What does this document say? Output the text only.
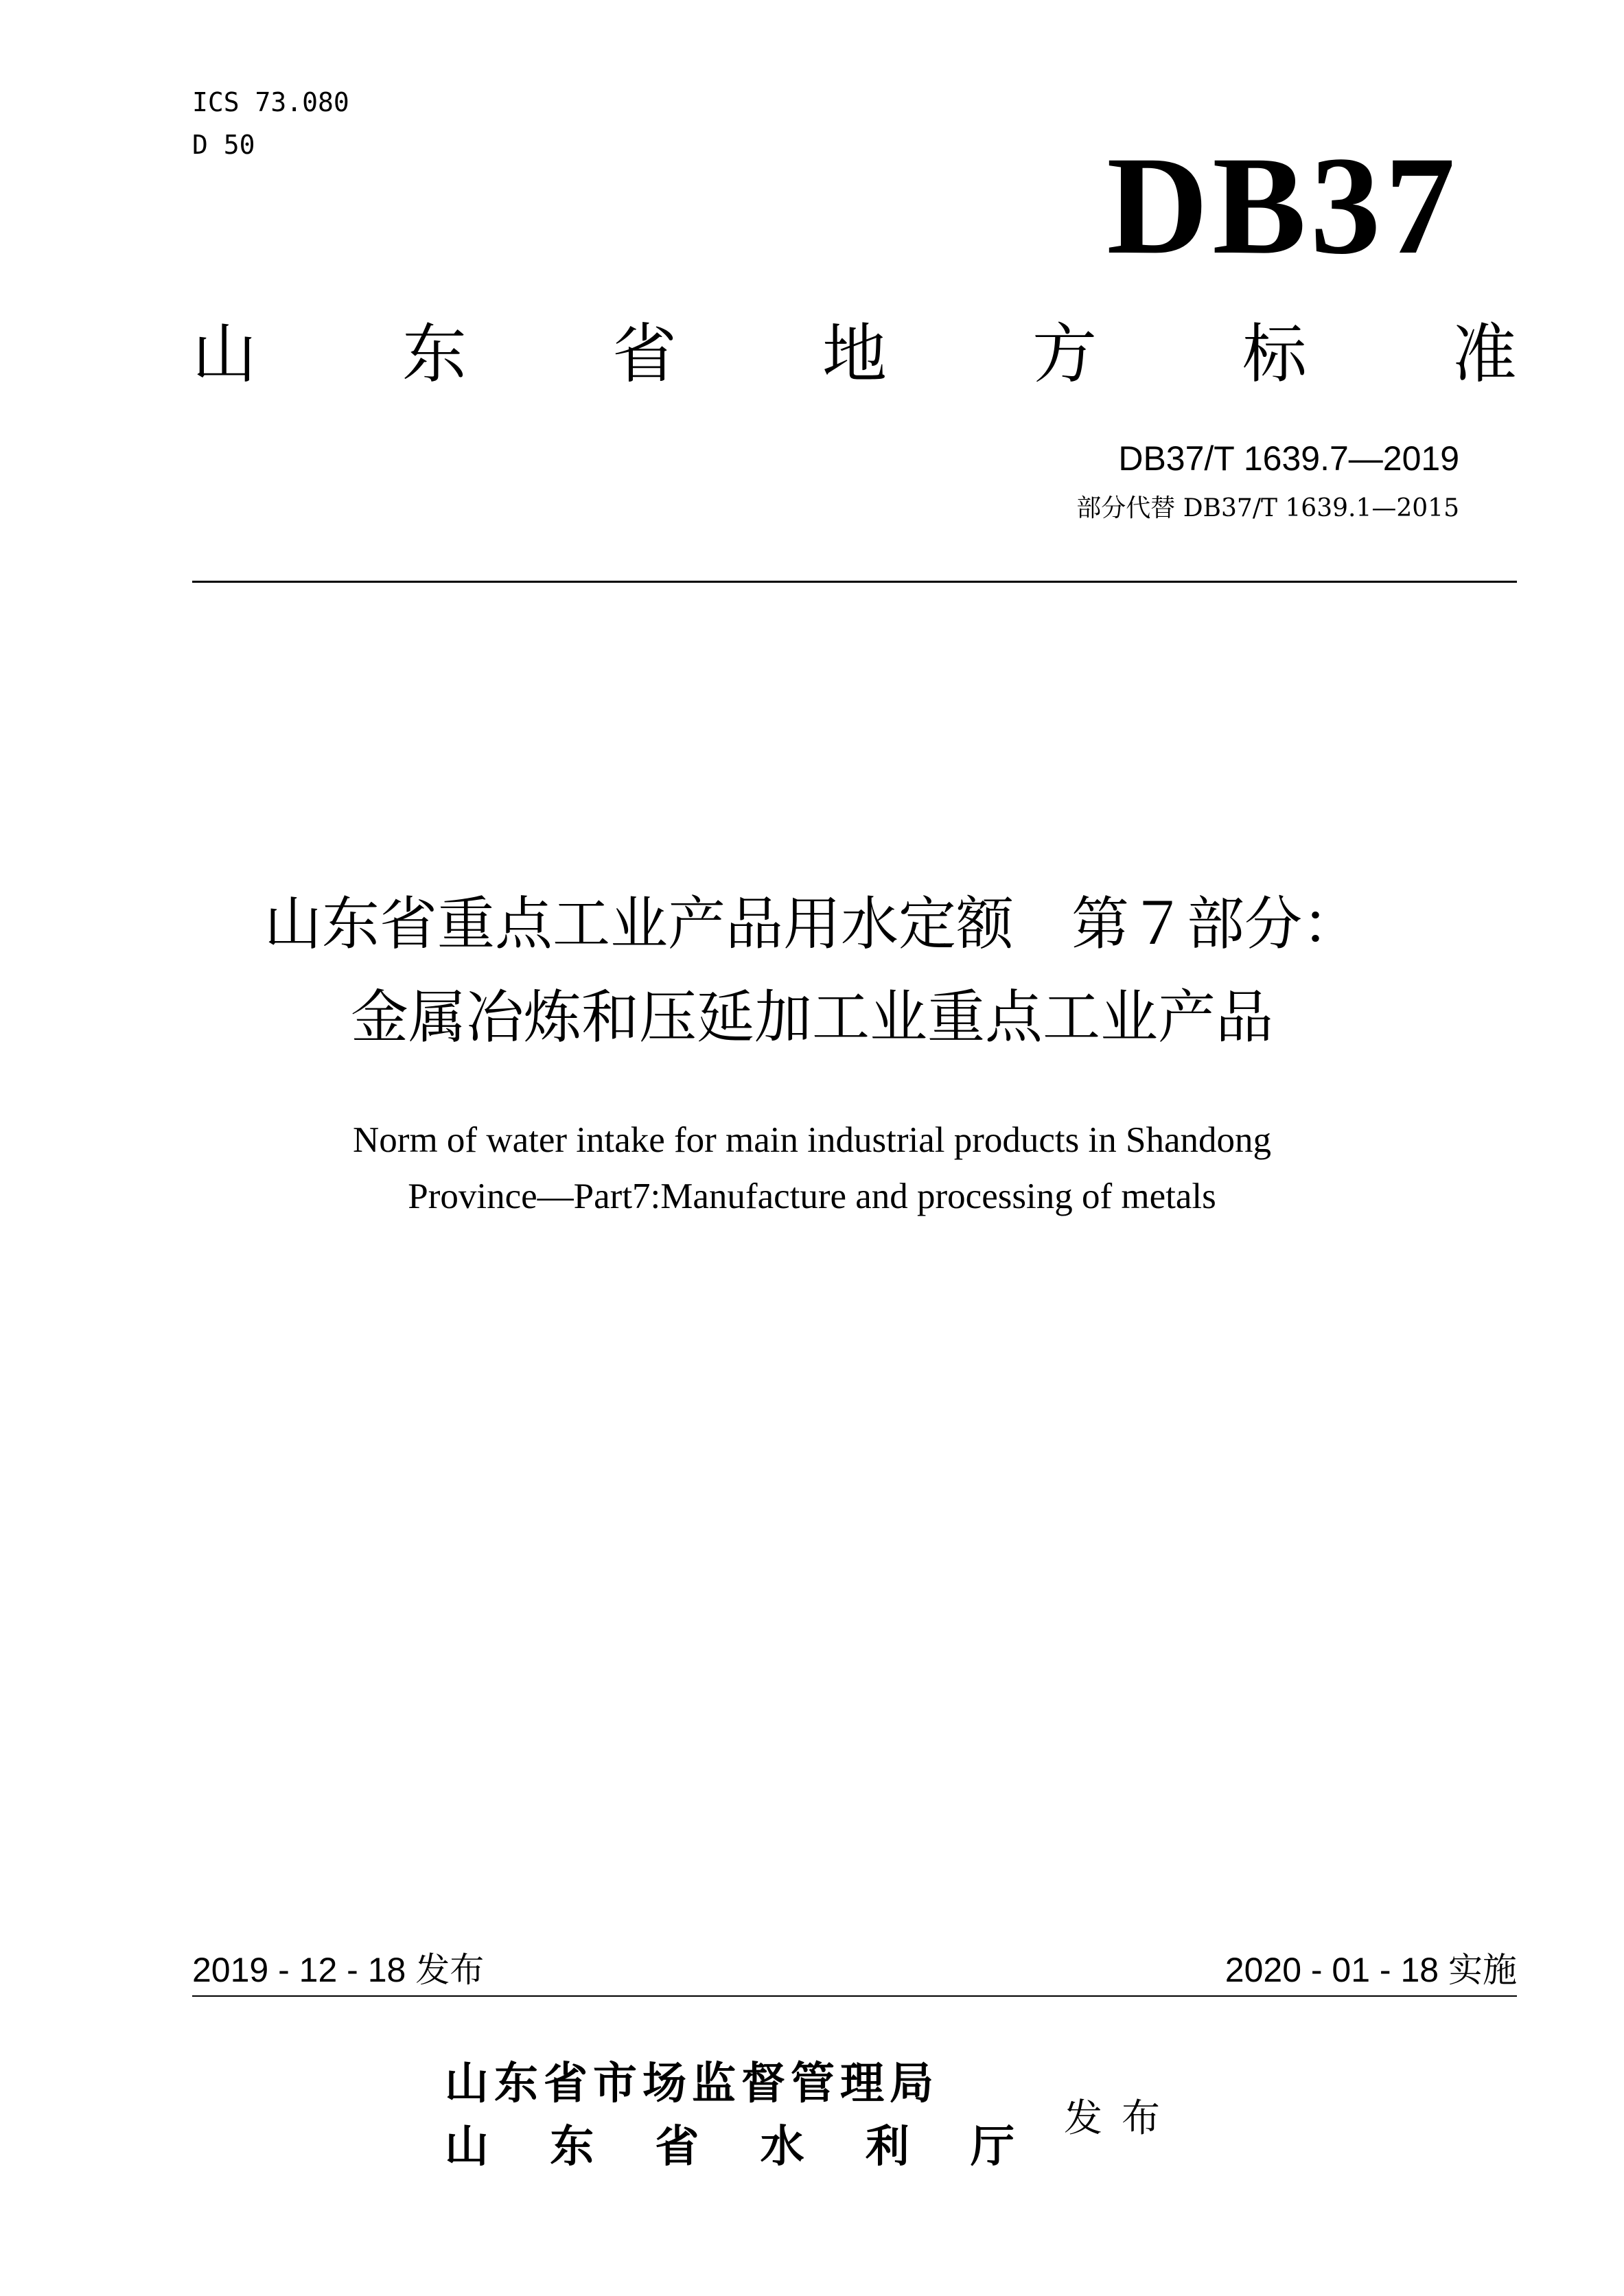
ICS 73.080
D 50	DB37
山 东 省 地 方 标 准
DB37/T 1639.7—2019
部分代替 DB37/T 1639.1—2015
山东省重点工业产品用水定额　第７部分：
金属冶炼和压延加工业重点工业产品
Norm of water intake for main industrial products in Shandong
Province—Part7:Manufacture and processing of metals
2019 - 12 - 18 发布	2020 - 01 - 18 实施
山东省市场监督管理局
山 东 省 水 利 厅
发布
